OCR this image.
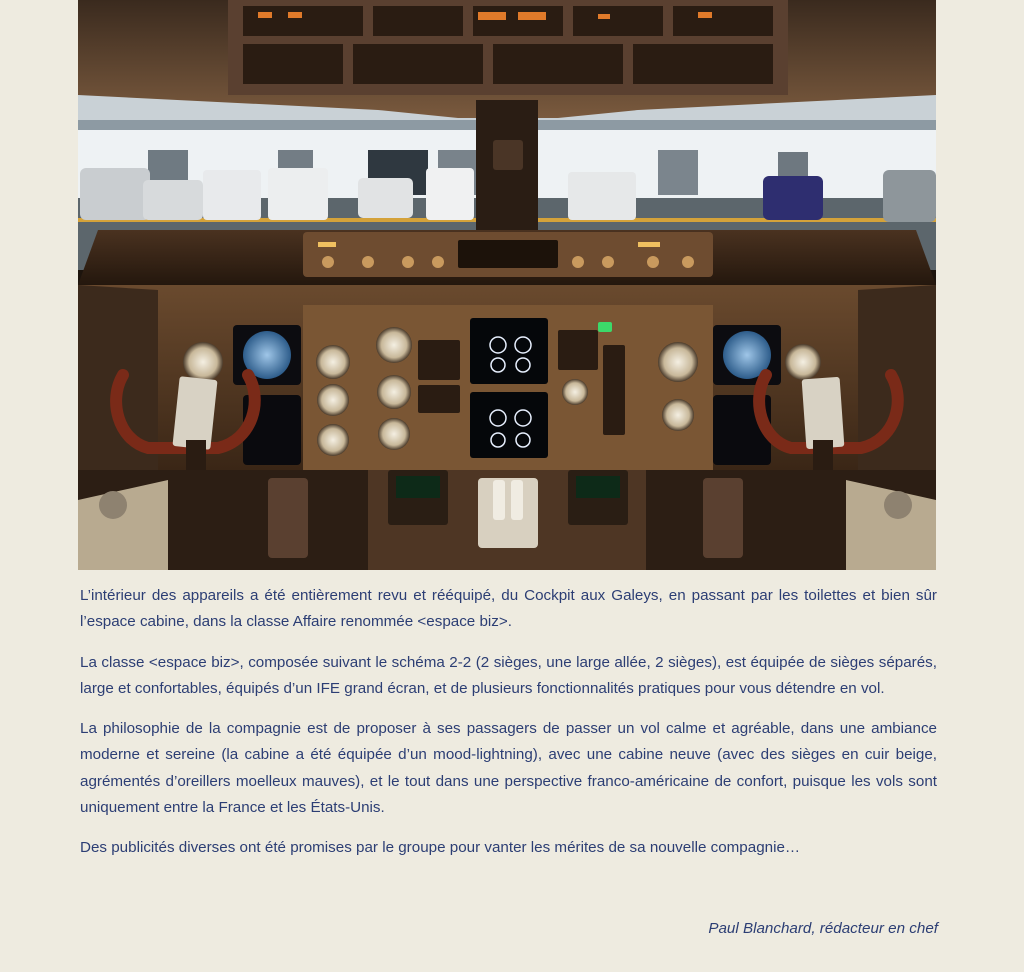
L’intérieur des appareils a été entièrement revu et rééquipé, du Cockpit aux Galeys, en passant par les toilettes et bien sûr l’espace cabine, dans la classe Affaire renommée <espace biz>.

La classe <espace biz>, composée suivant le schéma 2-2 (2 sièges, une large allée, 2 sièges), est équipée de sièges séparés, large et confortables, équipés d’un IFE grand écran, et de plusieurs fonctionnalités pratiques pour vous détendre en vol.

La philosophie de la compagnie est de proposer à ses passagers de passer un vol calme et agréable, dans une ambiance moderne et sereine (la cabine a été équipée d’un mood-lightning), avec une cabine neuve (avec des sièges en cuir beige, agrémentés d’oreillers moelleux mauves), et le tout dans une perspective franco-américaine de confort, puisque les vols sont uniquement entre la France et les États-Unis.

Des publicités diverses ont été promises par le groupe pour vanter les mérites de sa nouvelle compagnie…

Paul Blanchard, rédacteur en chef
